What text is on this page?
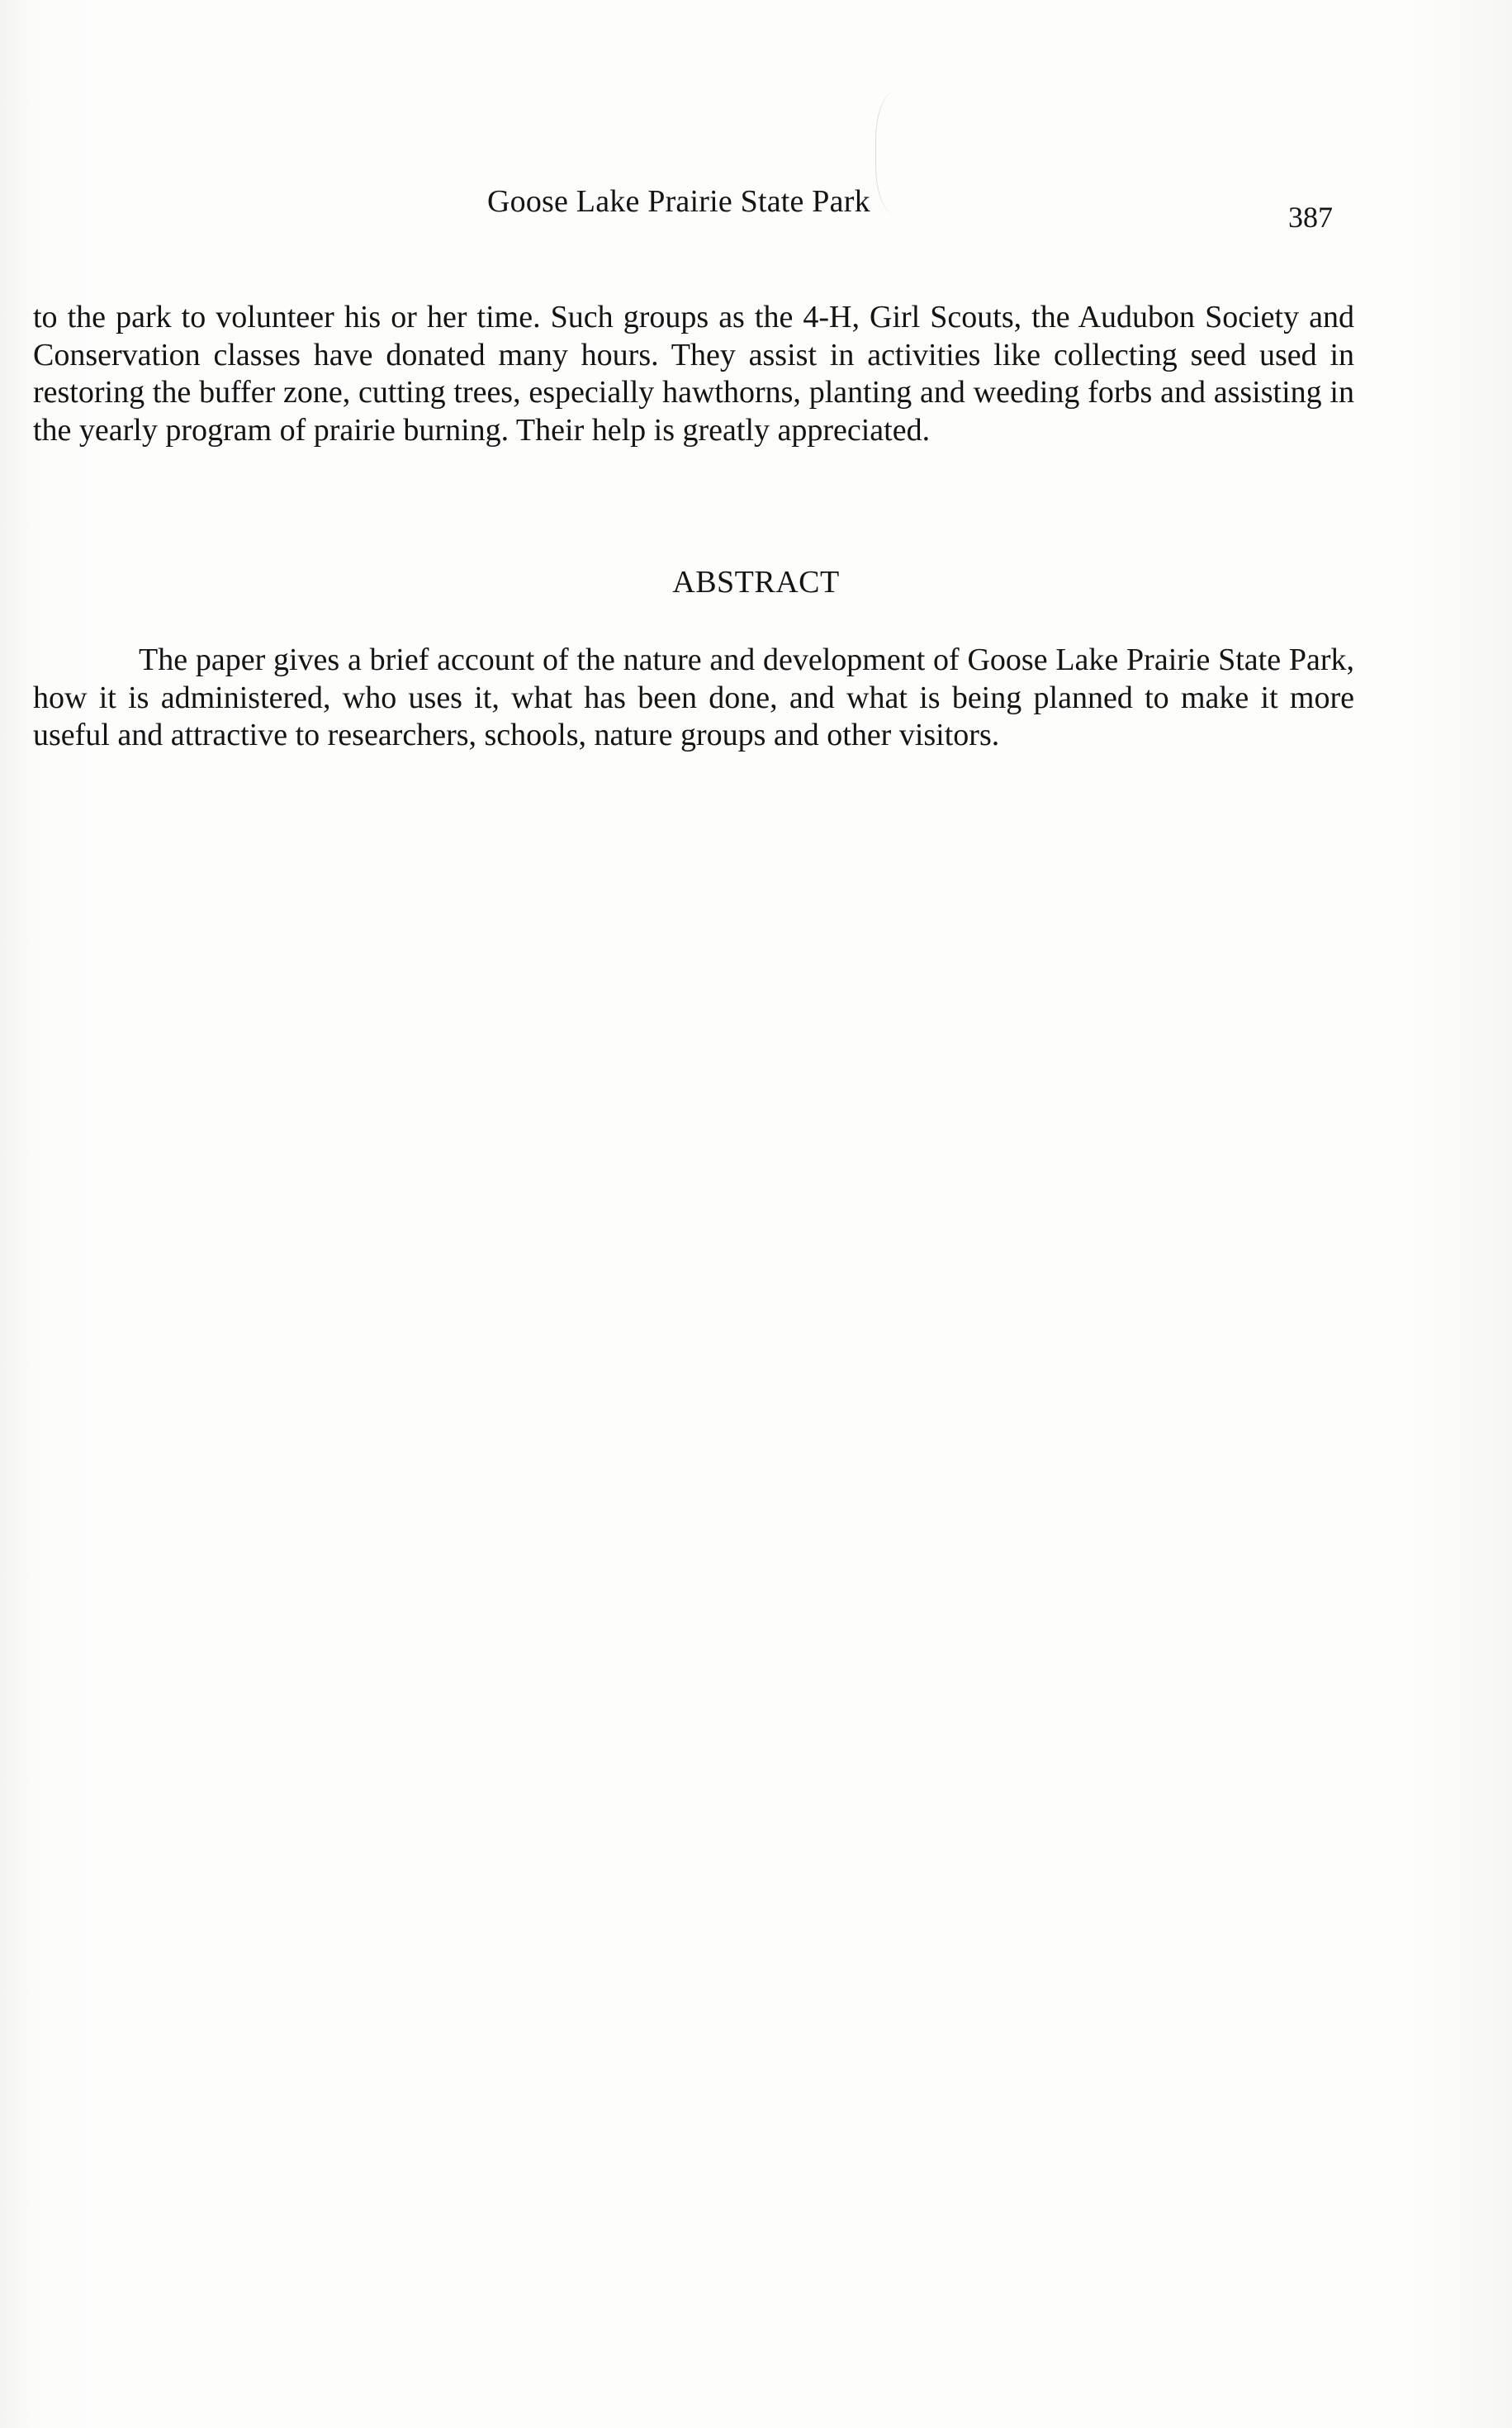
Goose Lake Prairie State Park	387
to the park to volunteer his or her time. Such groups as the 4-H, Girl Scouts, the Audubon Society and Conservation classes have donated many hours. They assist in activities like collecting seed used in restoring the buffer zone, cutting trees, especially hawthorns, planting and weeding forbs and assisting in the yearly program of prairie burning. Their help is greatly appreciated.
ABSTRACT
The paper gives a brief account of the nature and development of Goose Lake Prairie State Park, how it is administered, who uses it, what has been done, and what is being planned to make it more useful and attractive to researchers, schools, nature groups and other visitors.
